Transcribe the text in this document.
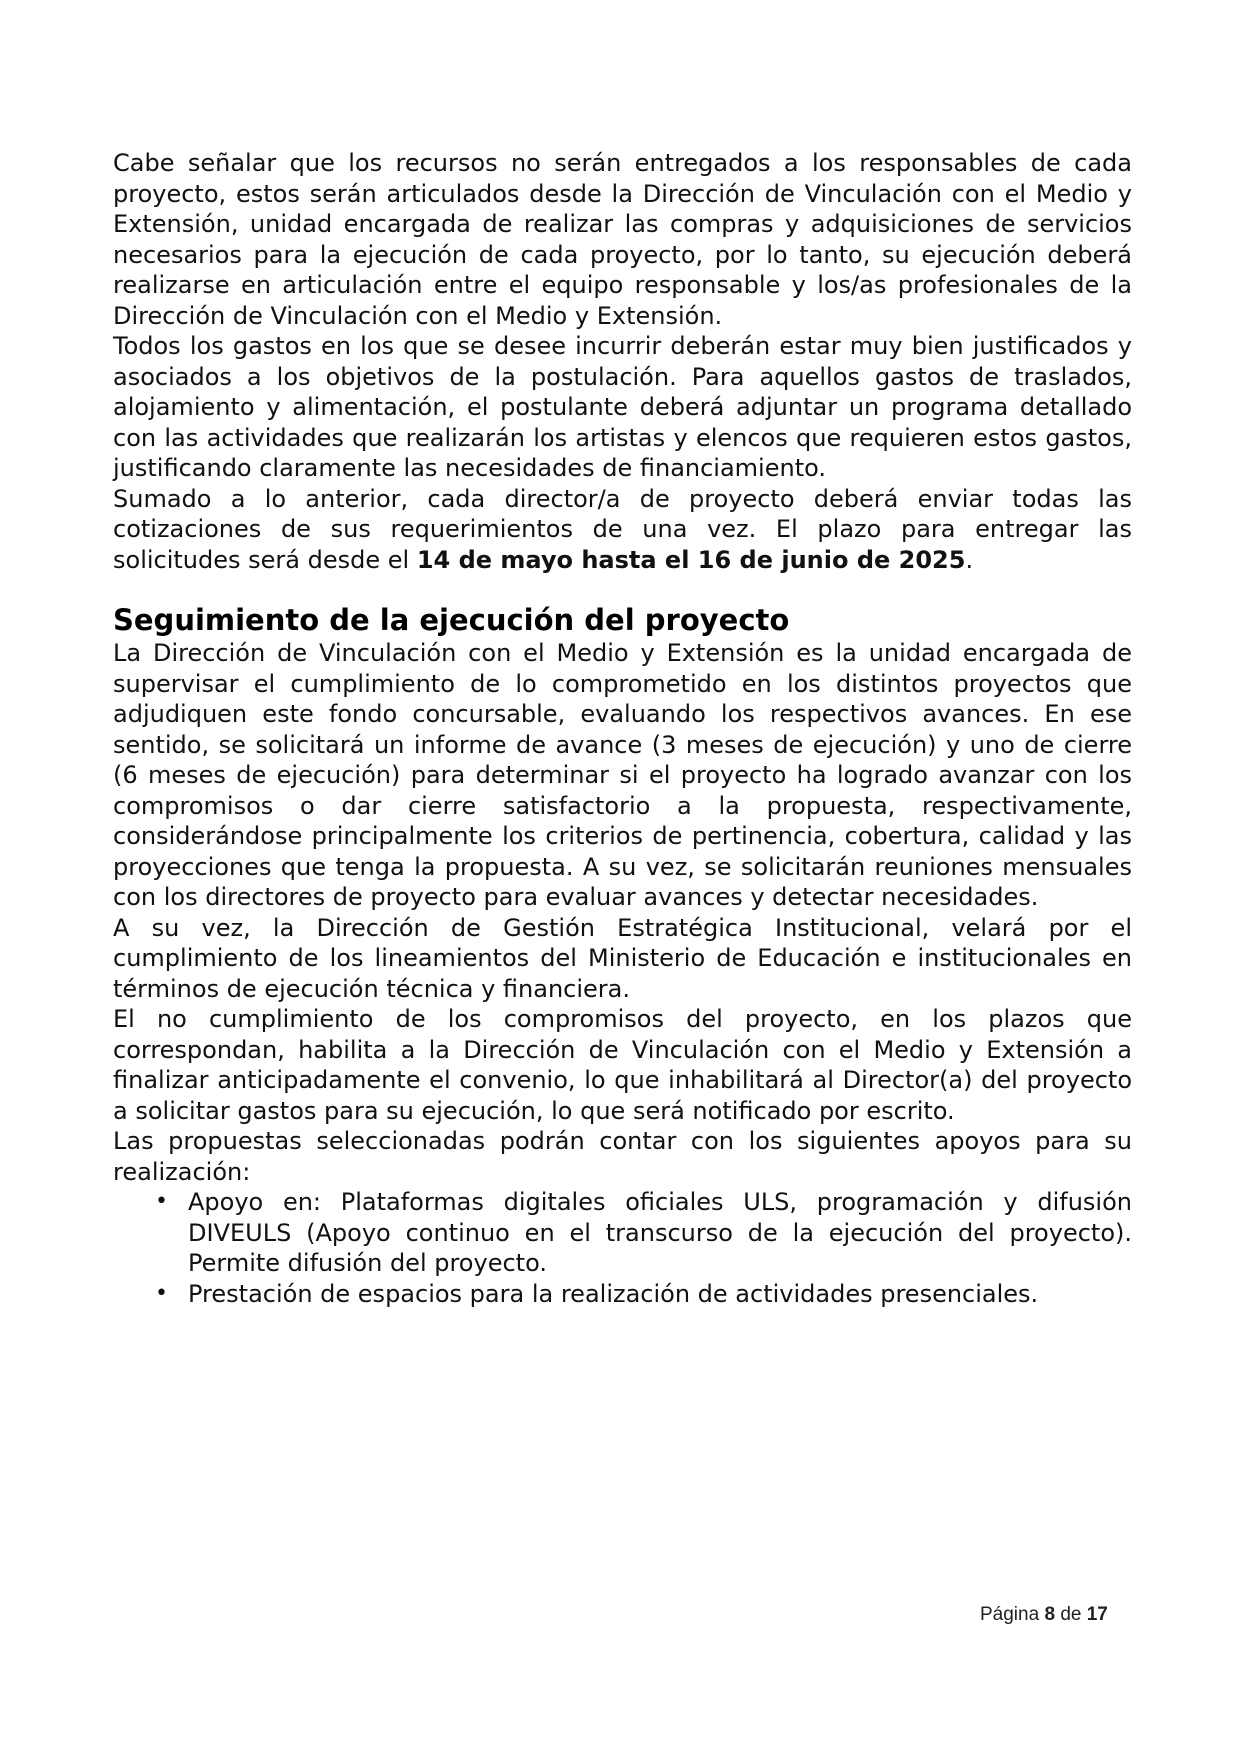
Cabe señalar que los recursos no serán entregados a los responsables de cada proyecto, estos serán articulados desde la Dirección de Vinculación con el Medio y Extensión, unidad encargada de realizar las compras y adquisiciones de servicios necesarios para la ejecución de cada proyecto, por lo tanto, su ejecución deberá realizarse en articulación entre el equipo responsable y los/as profesionales de la Dirección de Vinculación con el Medio y Extensión.

Todos los gastos en los que se desee incurrir deberán estar muy bien justificados y asociados a los objetivos de la postulación. Para aquellos gastos de traslados, alojamiento y alimentación, el postulante deberá adjuntar un programa detallado con las actividades que realizarán los artistas y elencos que requieren estos gastos, justificando claramente las necesidades de financiamiento.

Sumado a lo anterior, cada director/a de proyecto deberá enviar todas las cotizaciones de sus requerimientos de una vez. El plazo para entregar las solicitudes será desde el 14 de mayo hasta el 16 de junio de 2025.

Seguimiento de la ejecución del proyecto

La Dirección de Vinculación con el Medio y Extensión es la unidad encargada de supervisar el cumplimiento de lo comprometido en los distintos proyectos que adjudiquen este fondo concursable, evaluando los respectivos avances. En ese sentido, se solicitará un informe de avance (3 meses de ejecución) y uno de cierre (6 meses de ejecución) para determinar si el proyecto ha logrado avanzar con los compromisos o dar cierre satisfactorio a la propuesta, respectivamente, considerándose principalmente los criterios de pertinencia, cobertura, calidad y las proyecciones que tenga la propuesta. A su vez, se solicitarán reuniones mensuales con los directores de proyecto para evaluar avances y detectar necesidades.

A su vez, la Dirección de Gestión Estratégica Institucional, velará por el cumplimiento de los lineamientos del Ministerio de Educación e institucionales en términos de ejecución técnica y financiera.

El no cumplimiento de los compromisos del proyecto, en los plazos que correspondan, habilita a la Dirección de Vinculación con el Medio y Extensión a finalizar anticipadamente el convenio, lo que inhabilitará al Director(a) del proyecto a solicitar gastos para su ejecución, lo que será notificado por escrito.

Las propuestas seleccionadas podrán contar con los siguientes apoyos para su realización:

• Apoyo en: Plataformas digitales oficiales ULS, programación y difusión DIVEULS (Apoyo continuo en el transcurso de la ejecución del proyecto). Permite difusión del proyecto.
• Prestación de espacios para la realización de actividades presenciales.
Página 8 de 17
